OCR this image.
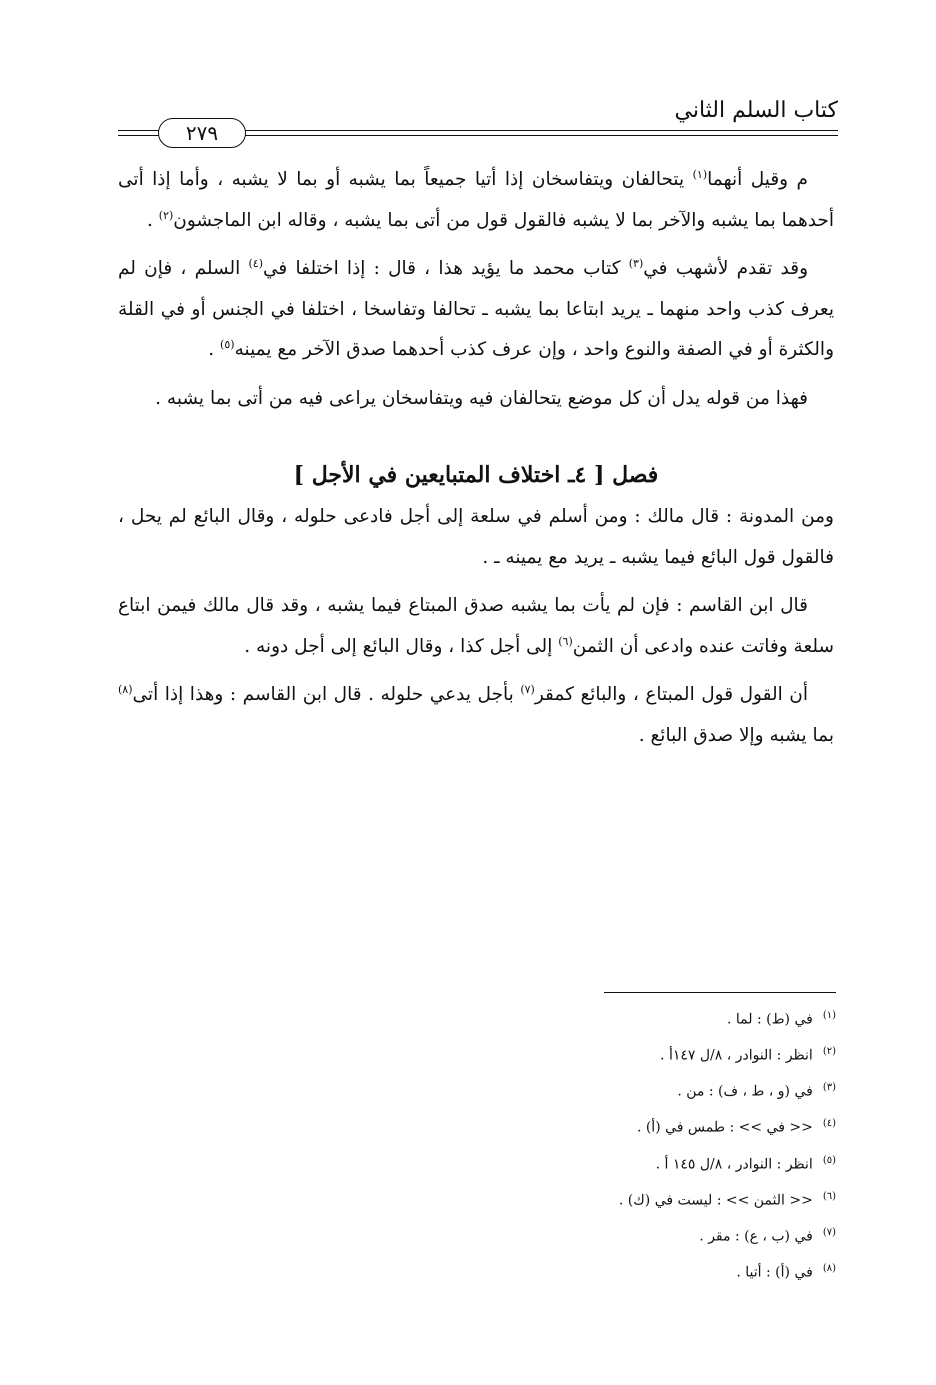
كتاب السلم الثاني
٢٧٩

م وقيل أنهما$^{(١)}$ يتحالفان ويتفاسخان إذا أتيا جميعاً بما يشبه أو بما لا يشبه ، وأما إذا أتى أحدهما بما يشبه والآخر بما لا يشبه فالقول قول من أتى بما يشبه ، وقاله ابن الماجشون$^{(٢)}$ .

وقد تقدم لأشهب في$^{(٣)}$ كتاب محمد ما يؤيد هذا ، قال : إذا اختلفا في$^{(٤)}$ السلم ، فإن لم يعرف كذب واحد منهما ـ يريد ابتاعا بما يشبه ـ تحالفا وتفاسخا ، اختلفا في الجنس أو في القلة والكثرة أو في الصفة والنوع واحد ، وإن عرف كذب أحدهما صدق الآخر مع يمينه$^{(٥)}$ .

فهذا من قوله يدل أن كل موضع يتحالفان فيه ويتفاسخان يراعى فيه من أتى بما يشبه .

فصل [ ٤ـ اختلاف المتبايعين في الأجل ]

ومن المدونة : قال مالك : ومن أسلم في سلعة إلى أجل فادعى حلوله ، وقال البائع لم يحل ، فالقول قول البائع فيما يشبه ـ يريد مع يمينه ـ .

قال ابن القاسم : فإن لم يأت بما يشبه صدق المبتاع فيما يشبه ، وقد قال مالك فيمن ابتاع سلعة وفاتت عنده وادعى أن الثمن$^{(٦)}$ إلى أجل كذا ، وقال البائع إلى أجل دونه .

أن القول قول المبتاع ، والبائع كمقر$^{(٧)}$ بأجل يدعي حلوله . قال ابن القاسم : وهذا إذا أتى$^{(٨)}$ بما يشبه وإلا صدق البائع .

$^{(١)}$في (ط) : لما .
$^{(٢)}$انظر : النوادر ، ٨/ل ١٤٧أ .
$^{(٣)}$في (و ، ط ، ف) : من .
$^{(٤)}$<< في >> : طمس في (أ) .
$^{(٥)}$انظر : النوادر ، ٨/ل ١٤٥ أ .
$^{(٦)}$<< الثمن >> : ليست في (ك) .
$^{(٧)}$في (ب ، ع) : مقر .
$^{(٨)}$في (أ) : أتيا .
